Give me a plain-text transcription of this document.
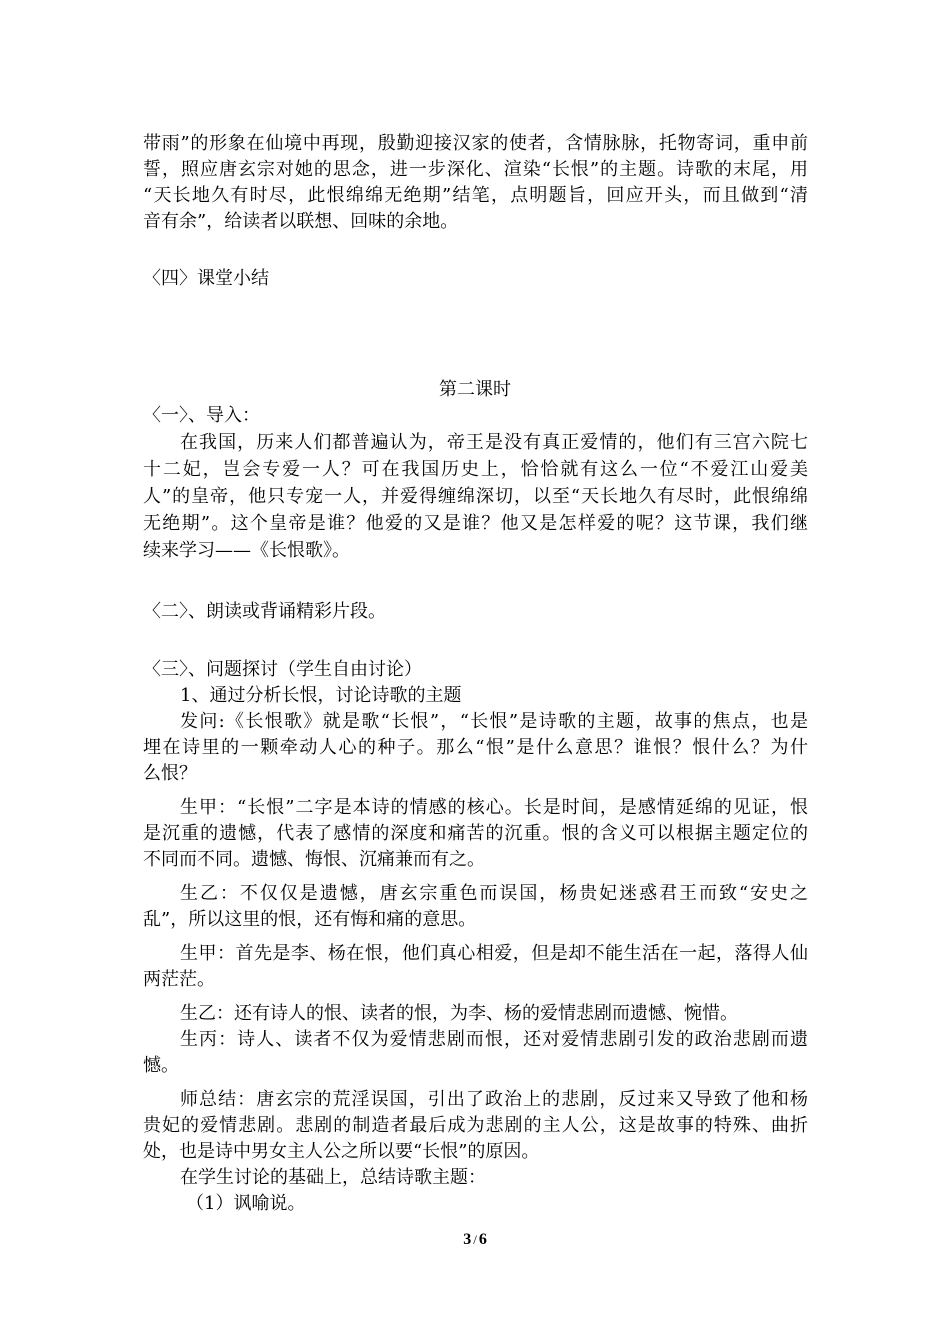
带雨”的形象在仙境中再现，殷勤迎接汉家的使者，含情脉脉，托物寄词，重申前
誓，照应唐玄宗对她的思念，进一步深化、渲染“长恨”的主题。诗歌的末尾，用
“天长地久有时尽，此恨绵绵无绝期”结笔，点明题旨，回应开头，而且做到“清
音有余”，给读者以联想、回味的余地。
〈四〉课堂小结
第二课时
〈一〉、导入：
在我国，历来人们都普遍认为，帝王是没有真正爱情的，他们有三宫六院七
十二妃，岂会专爱一人？可在我国历史上，恰恰就有这么一位“不爱江山爱美
人”的皇帝，他只专宠一人，并爱得缠绵深切，以至“天长地久有尽时，此恨绵绵
无绝期”。这个皇帝是谁？他爱的又是谁？他又是怎样爱的呢？这节课，我们继
续来学习——《长恨歌》。
〈二〉、朗读或背诵精彩片段。
〈三〉、问题探讨（学生自由讨论）
1、通过分析长恨，讨论诗歌的主题
发问:《长恨歌》就是歌“长恨”，“长恨”是诗歌的主题，故事的焦点，也是
埋在诗里的一颗牵动人心的种子。那么“恨”是什么意思？谁恨？恨什么？为什
么恨？
生甲：“长恨”二字是本诗的情感的核心。长是时间，是感情延绵的见证，恨
是沉重的遗憾，代表了感情的深度和痛苦的沉重。恨的含义可以根据主题定位的
不同而不同。遗憾、悔恨、沉痛兼而有之。
生乙：不仅仅是遗憾，唐玄宗重色而误国，杨贵妃迷惑君王而致“安史之
乱”，所以这里的恨，还有悔和痛的意思。
生甲：首先是李、杨在恨，他们真心相爱，但是却不能生活在一起，落得人仙
两茫茫。
生乙：还有诗人的恨、读者的恨，为李、杨的爱情悲剧而遗憾、惋惜。
生丙：诗人、读者不仅为爱情悲剧而恨，还对爱情悲剧引发的政治悲剧而遗
憾。
师总结：唐玄宗的荒淫误国，引出了政治上的悲剧，反过来又导致了他和杨
贵妃的爱情悲剧。悲剧的制造者最后成为悲剧的主人公，这是故事的特殊、曲折
处，也是诗中男女主人公之所以要“长恨”的原因。
在学生讨论的基础上，总结诗歌主题：
（1）讽喻说。
3 / 6
